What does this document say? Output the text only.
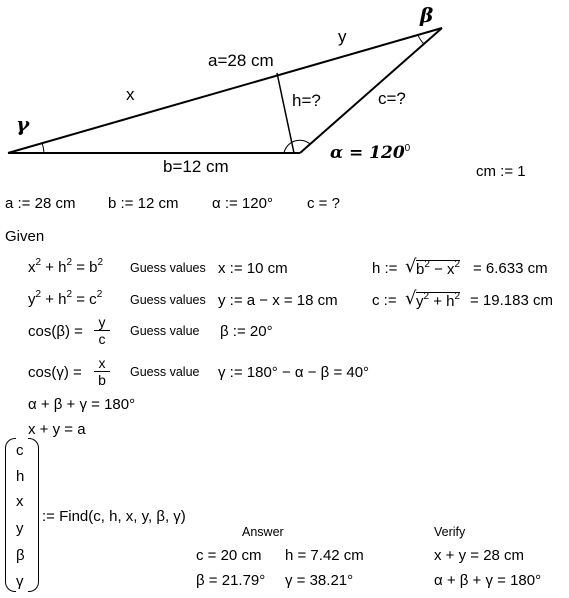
β
y
a=28 cm
x	h=?	c=?
γ
b=12 cm
$\alpha = 120^0$
cm := 1
a := 28 cm b := 12 cm α := 120° c = ?
Given
$x^2 + h^2 = b^2$ Guess values x := 10 cm	h := √ $b^2 - x^2 = 6.633$ cm
$y^2 + h^2 = c^2$ Guess values y := a − x = 18 cm c := √ $y^2 + h^2 = 19.183$ cm
$\cos(\beta) = \frac{y}{c}$ Guess value β := 20°
$\cos(\gamma) = \frac{x}{b}$ Guess value γ := 180° − α − β = 40°
α + β + γ = 180°
x + y = a
c
h
x
y
β
γ
:= Find(c, h, x, y, β, γ)
Answer
c = 20 cm h = 7.42 cm
β = 21.79° γ = 38.21°
Verify
x + y = 28 cm
α + β + γ = 180°
